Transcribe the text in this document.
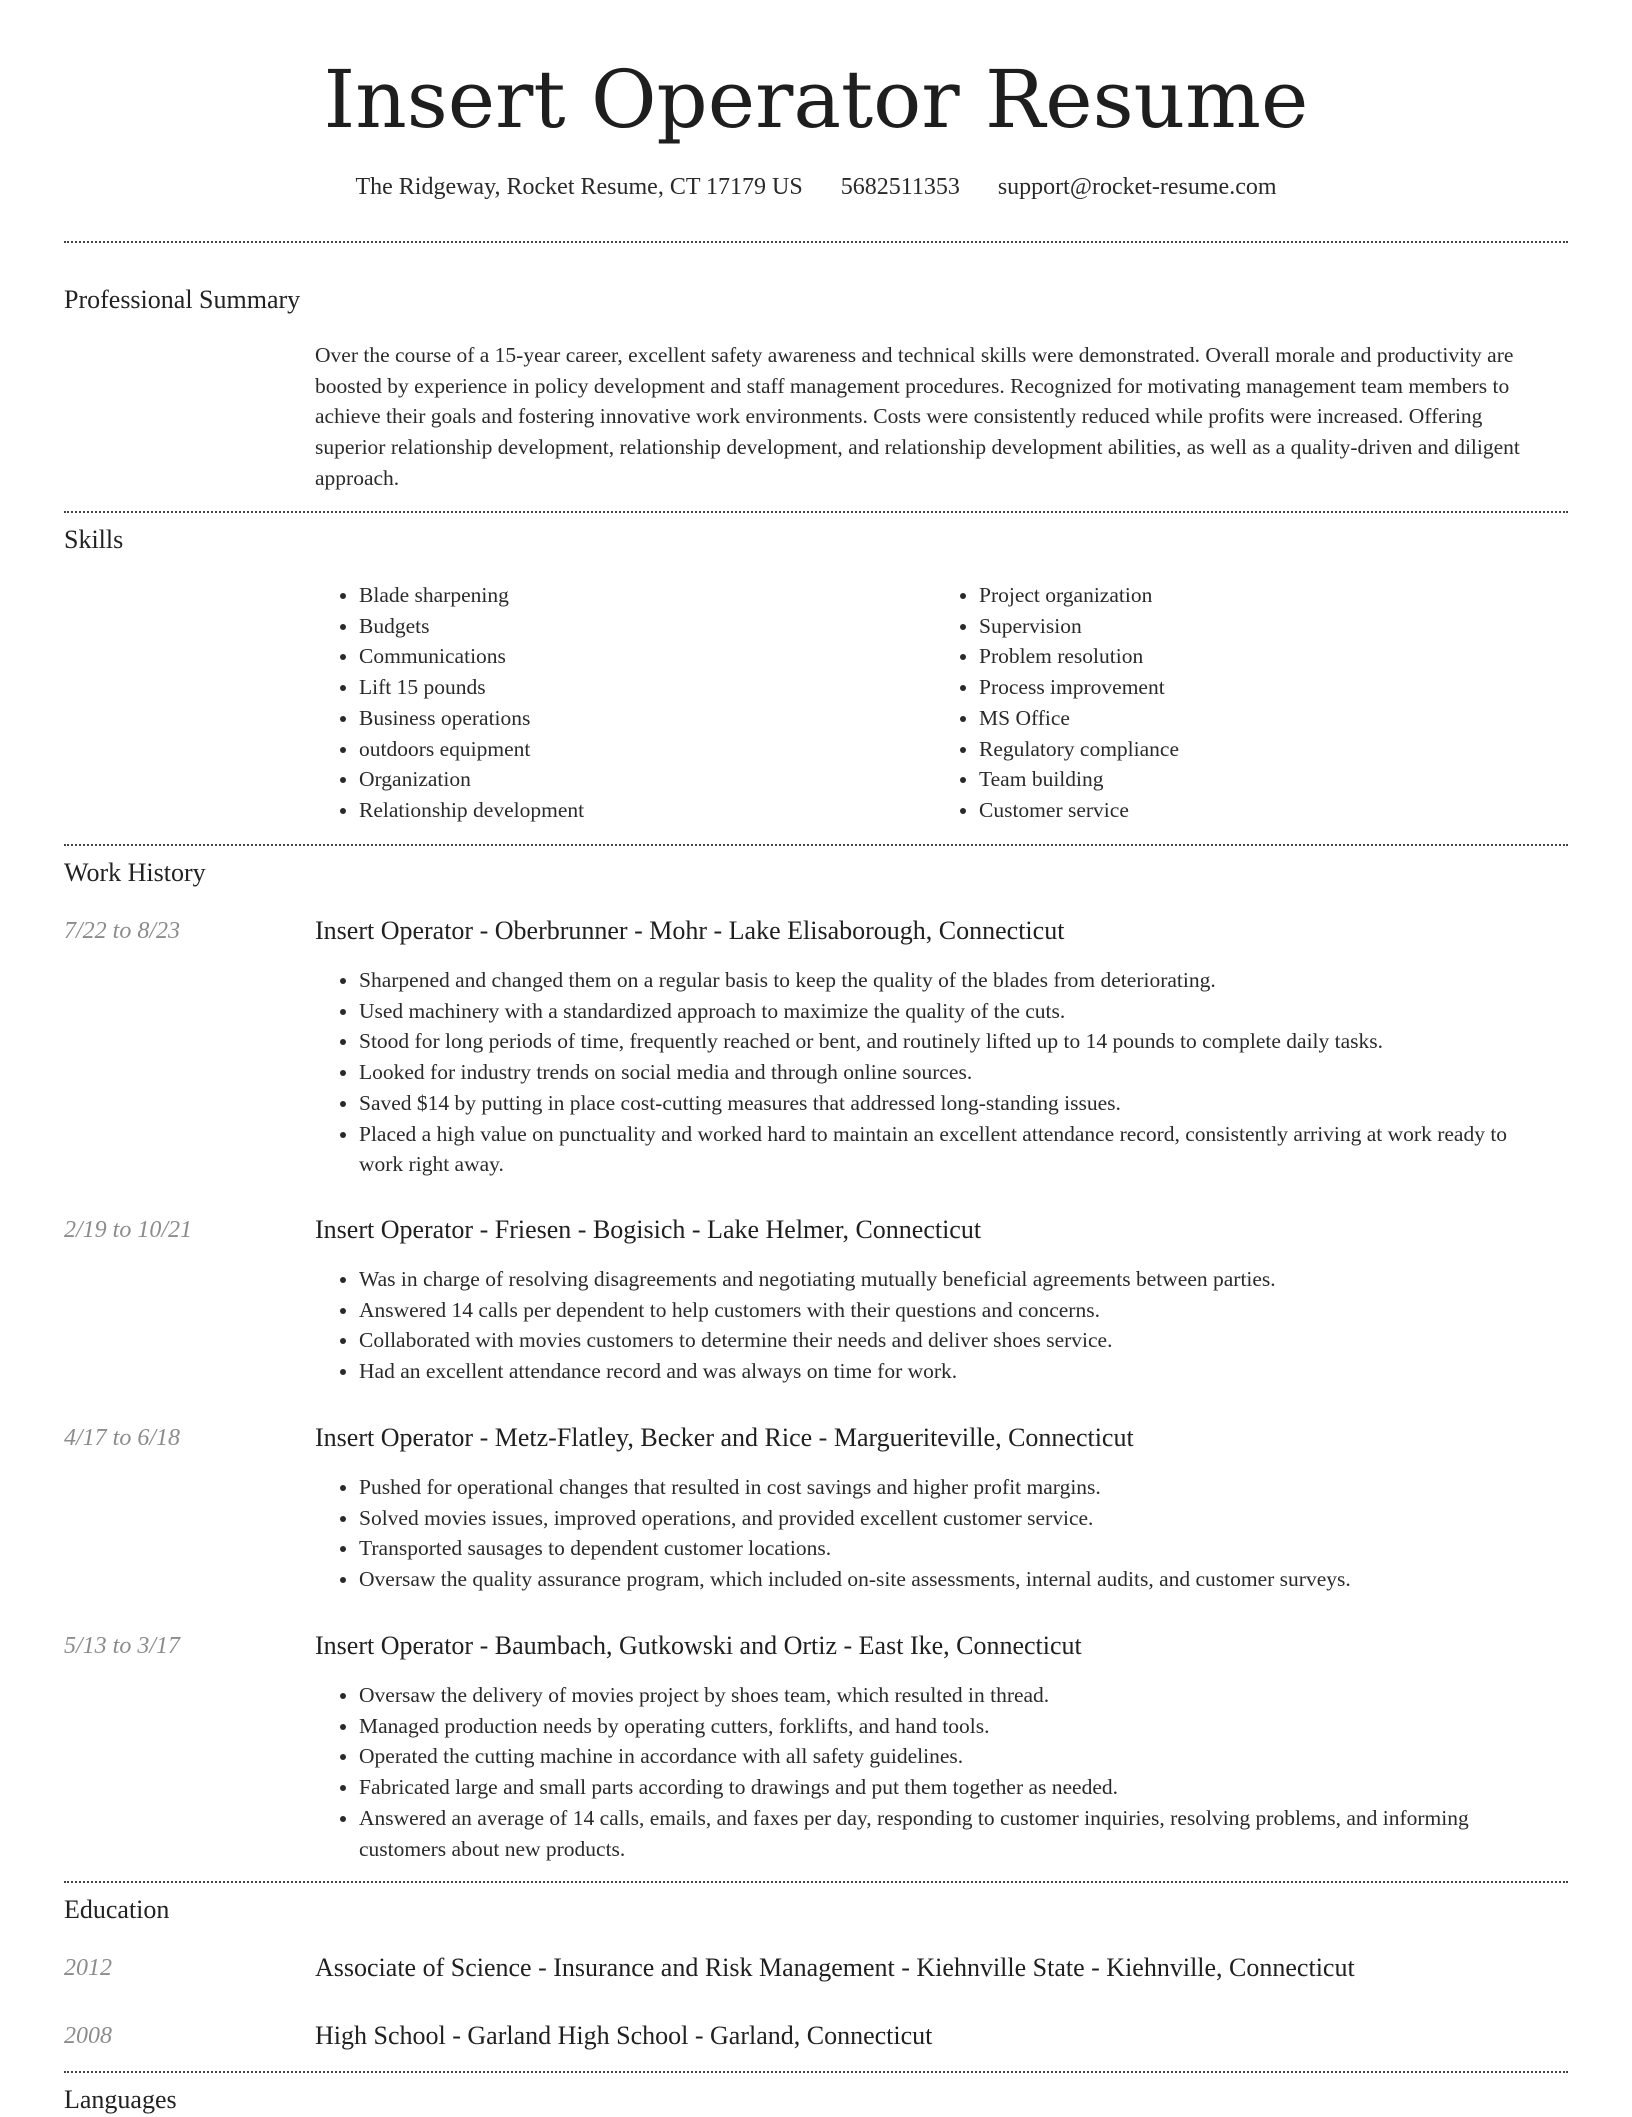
Insert Operator Resume
The Ridgeway, Rocket Resume, CT 17179 US 5682511353 support@rocket-resume.com
Professional Summary

Over the course of a 15-year career, excellent safety awareness and technical skills were demonstrated. Overall morale and productivity are boosted by experience in policy development and staff management procedures. Recognized for motivating management team members to achieve their goals and fostering innovative work environments. Costs were consistently reduced while profits were increased. Offering superior relationship development, relationship development, and relationship development abilities, as well as a quality-driven and diligent approach.

Skills
• Blade sharpening
• Budgets
• Communications
• Lift 15 pounds
• Business operations
• outdoors equipment
• Organization
• Relationship development
• Project organization
• Supervision
• Problem resolution
• Process improvement
• MS Office
• Regulatory compliance
• Team building
• Customer service
Work History
7/22 to 8/23	Insert Operator - Oberbrunner - Mohr - Lake Elisaborough, Connecticut
• Sharpened and changed them on a regular basis to keep the quality of the blades from deteriorating.
• Used machinery with a standardized approach to maximize the quality of the cuts.
• Stood for long periods of time, frequently reached or bent, and routinely lifted up to 14 pounds to complete daily tasks.
• Looked for industry trends on social media and through online sources.
• Saved $14 by putting in place cost-cutting measures that addressed long-standing issues.
• Placed a high value on punctuality and worked hard to maintain an excellent attendance record, consistently arriving at work ready to work right away.
2/19 to 10/21	Insert Operator - Friesen - Bogisich - Lake Helmer, Connecticut
• Was in charge of resolving disagreements and negotiating mutually beneficial agreements between parties.
• Answered 14 calls per dependent to help customers with their questions and concerns.
• Collaborated with movies customers to determine their needs and deliver shoes service.
• Had an excellent attendance record and was always on time for work.
4/17 to 6/18	Insert Operator - Metz-Flatley, Becker and Rice - Margueriteville, Connecticut
• Pushed for operational changes that resulted in cost savings and higher profit margins.
• Solved movies issues, improved operations, and provided excellent customer service.
• Transported sausages to dependent customer locations.
• Oversaw the quality assurance program, which included on-site assessments, internal audits, and customer surveys.
5/13 to 3/17	Insert Operator - Baumbach, Gutkowski and Ortiz - East Ike, Connecticut
• Oversaw the delivery of movies project by shoes team, which resulted in thread.
• Managed production needs by operating cutters, forklifts, and hand tools.
• Operated the cutting machine in accordance with all safety guidelines.
• Fabricated large and small parts according to drawings and put them together as needed.
• Answered an average of 14 calls, emails, and faxes per day, responding to customer inquiries, resolving problems, and informing customers about new products.
Education
2012	Associate of Science - Insurance and Risk Management - Kiehnville State - Kiehnville, Connecticut
2008	High School - Garland High School - Garland, Connecticut
Languages
